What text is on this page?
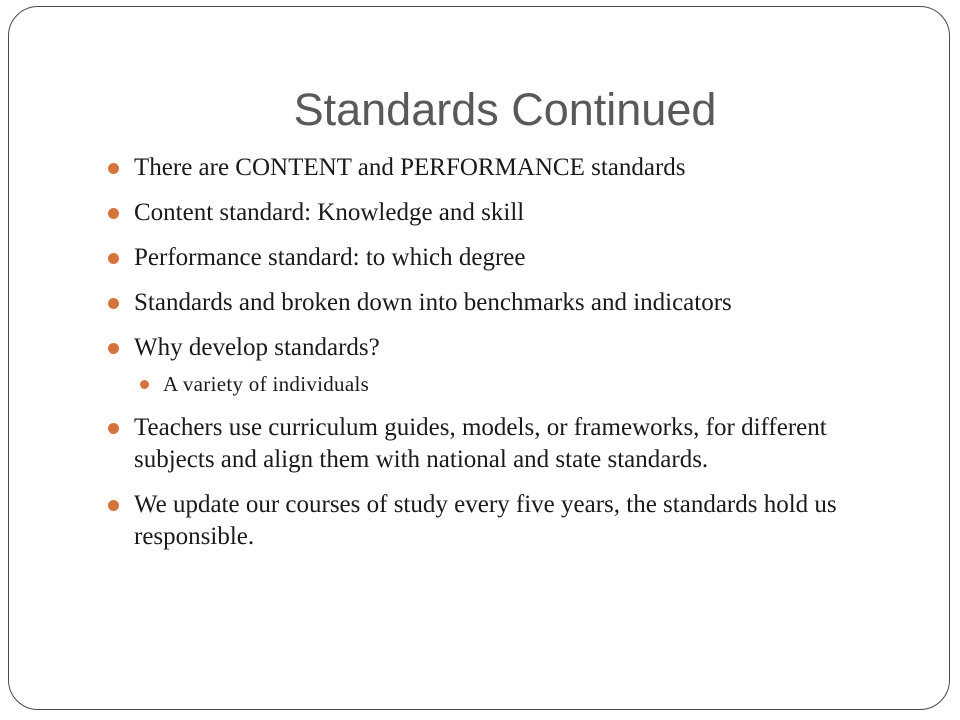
Standards Continued
There are CONTENT and PERFORMANCE standards
Content standard: Knowledge and skill
Performance standard: to which degree
Standards and broken down into benchmarks and indicators
Why develop standards?
A variety of individuals
Teachers use curriculum guides, models, or frameworks, for different subjects and align them with national and state standards.
We update our courses of study every five years, the standards hold us responsible.
